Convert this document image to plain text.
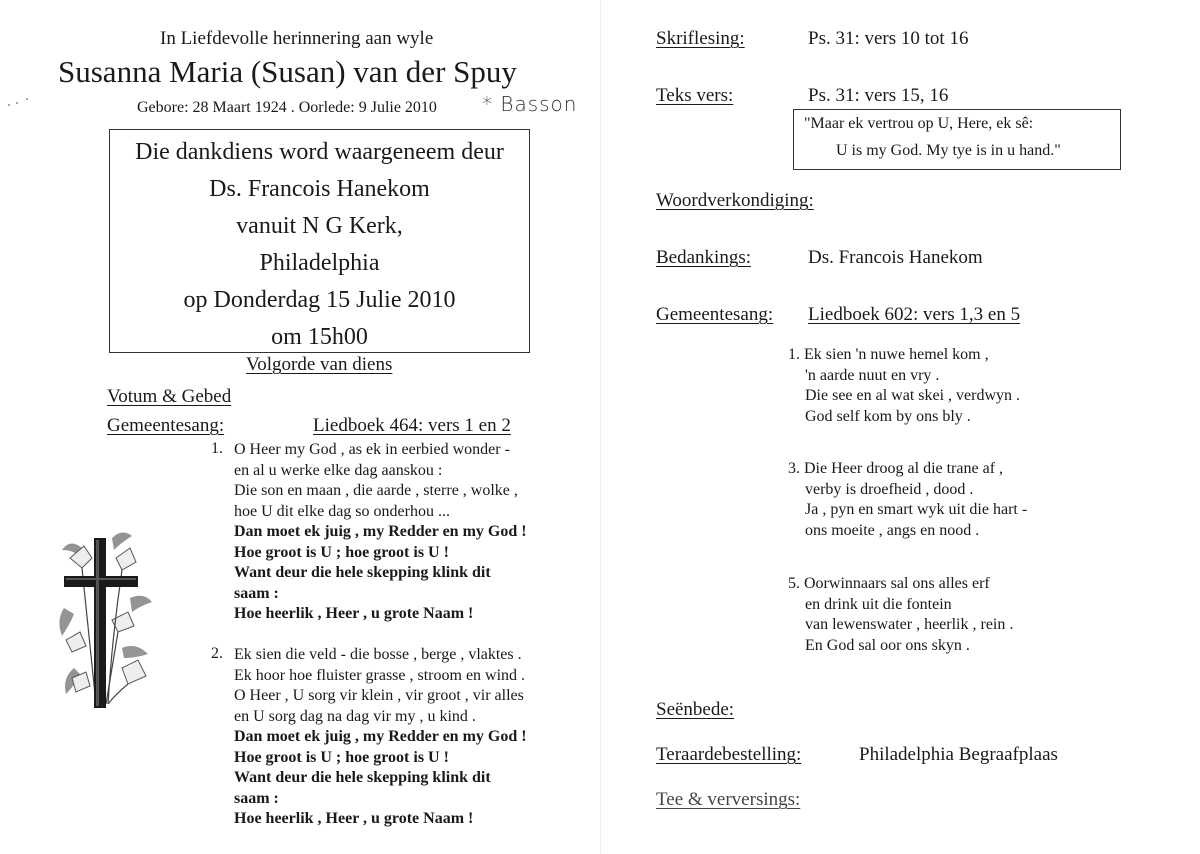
In Liefdevolle herinnering aan wyle
Susanna Maria (Susan) van der Spuy
Gebore: 28 Maart 1924 . Oorlede: 9 Julie 2010 * Basson
Die dankdiens word waargeneem deur
Ds. Francois Hanekom
vanuit N G Kerk,
Philadelphia
op Donderdag 15 Julie 2010
om 15h00
Volgorde van diens
Votum & Gebed
Gemeentesang:	Liedboek 464: vers 1 en 2
1. O Heer my God , as ek in eerbied wonder -
en al u werke elke dag aanskou :
Die son en maan , die aarde , sterre , wolke ,
hoe U dit elke dag so onderhou ...
Dan moet ek juig , my Redder en my God !
Hoe groot is U ; hoe groot is U !
Want deur die hele skepping klink dit
saam :
Hoe heerlik , Heer , u grote Naam !
2. Ek sien die veld - die bosse , berge , vlaktes .
Ek hoor hoe fluister grasse , stroom en wind .
O Heer , U sorg vir klein , vir groot , vir alles
en U sorg dag na dag vir my , u kind .
Dan moet ek juig , my Redder en my God !
Hoe groot is U ; hoe groot is U !
Want deur die hele skepping klink dit
saam :
Hoe heerlik , Heer , u grote Naam !
Skriflesing:	Ps. 31: vers 10 tot 16
Teks vers:	Ps. 31: vers 15, 16
"Maar ek vertrou op U, Here, ek sê:
U is my God. My tye is in u hand."
Woordverkondiging:
Bedankings:	Ds. Francois Hanekom
Gemeentesang: Liedboek 602: vers 1,3 en 5
1. Ek sien 'n nuwe hemel kom ,
'n aarde nuut en vry .
Die see en al wat skei , verdwyn .
God self kom by ons bly .
3. Die Heer droog al die trane af ,
verby is droefheid , dood .
Ja , pyn en smart wyk uit die hart -
ons moeite , angs en nood .
5. Oorwinnaars sal ons alles erf
en drink uit die fontein
van lewenswater , heerlik , rein .
En God sal oor ons skyn .
Seënbede:
Teraardebestelling:	Philadelphia Begraafplaas
Tee & verversings:
